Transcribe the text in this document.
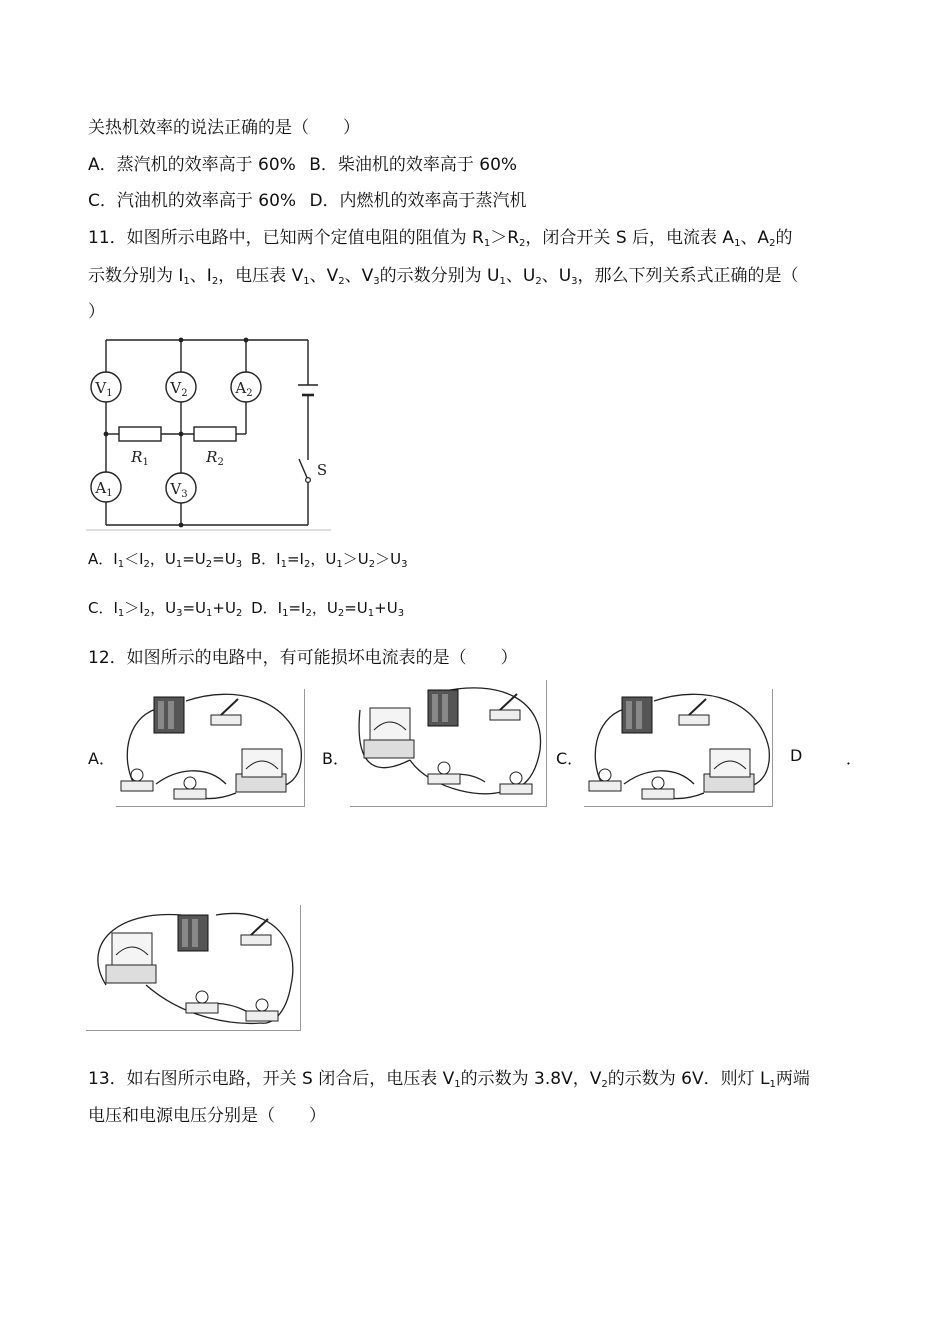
关热机效率的说法正确的是（　　）
A．蒸汽机的效率高于 60% B．柴油机的效率高于 60%
C．汽油机的效率高于 60% D．内燃机的效率高于蒸汽机
11．如图所示电路中，已知两个定值电阻的阻值为 $R_1>R_2$，闭合开关 S 后，电流表 $A_1$、$A_2$的
示数分别为 $I_1$、$I_2$，电压表 $V_1$、$V_2$、$V_3$的示数分别为 $U_1$、$U_2$、$U_3$，那么下列关系式正确的是（
）
$V_1$	$V_2$	$A_2$
$A_1$	$V_3$
$R_1$	$R_2$	S
A．$I_1<I_2$，$U_1=U_2=U_3$ B．$I_1=I_2$，$U_1>U_2>U_3$
C．$I_1>I_2$，$U_3=U_1+U_2$ D．$I_1=I_2$，$U_2=U_1+U_3$
12．如图所示的电路中，有可能损坏电流表的是（　　）
A．	B．	C．	D	．
13．如右图所示电路，开关 S 闭合后，电压表 $V_1$的示数为 3.8V，$V_2$的示数为 6V．则灯 $L_1$两端
电压和电源电压分别是（　　）
